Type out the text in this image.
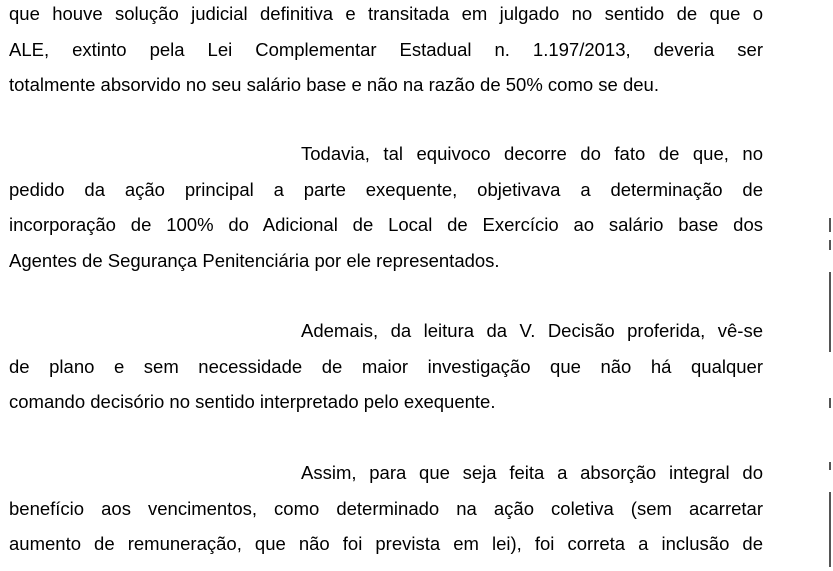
que houve solução judicial definitiva e transitada em julgado no sentido de que o
ALE, extinto pela Lei Complementar Estadual n. 1.197/2013, deveria ser
totalmente absorvido no seu salário base e não na razão de 50% como se deu.
Todavia, tal equivoco decorre do fato de que, no
pedido da ação principal a parte exequente, objetivava a determinação de
incorporação de 100% do Adicional de Local de Exercício ao salário base dos
Agentes de Segurança Penitenciária por ele representados.
Ademais, da leitura da V. Decisão proferida, vê-se
de plano e sem necessidade de maior investigação que não há qualquer
comando decisório no sentido interpretado pelo exequente.
Assim, para que seja feita a absorção integral do
benefício aos vencimentos, como determinado na ação coletiva (sem acarretar
aumento de remuneração, que não foi prevista em lei), foi correta a inclusão de
